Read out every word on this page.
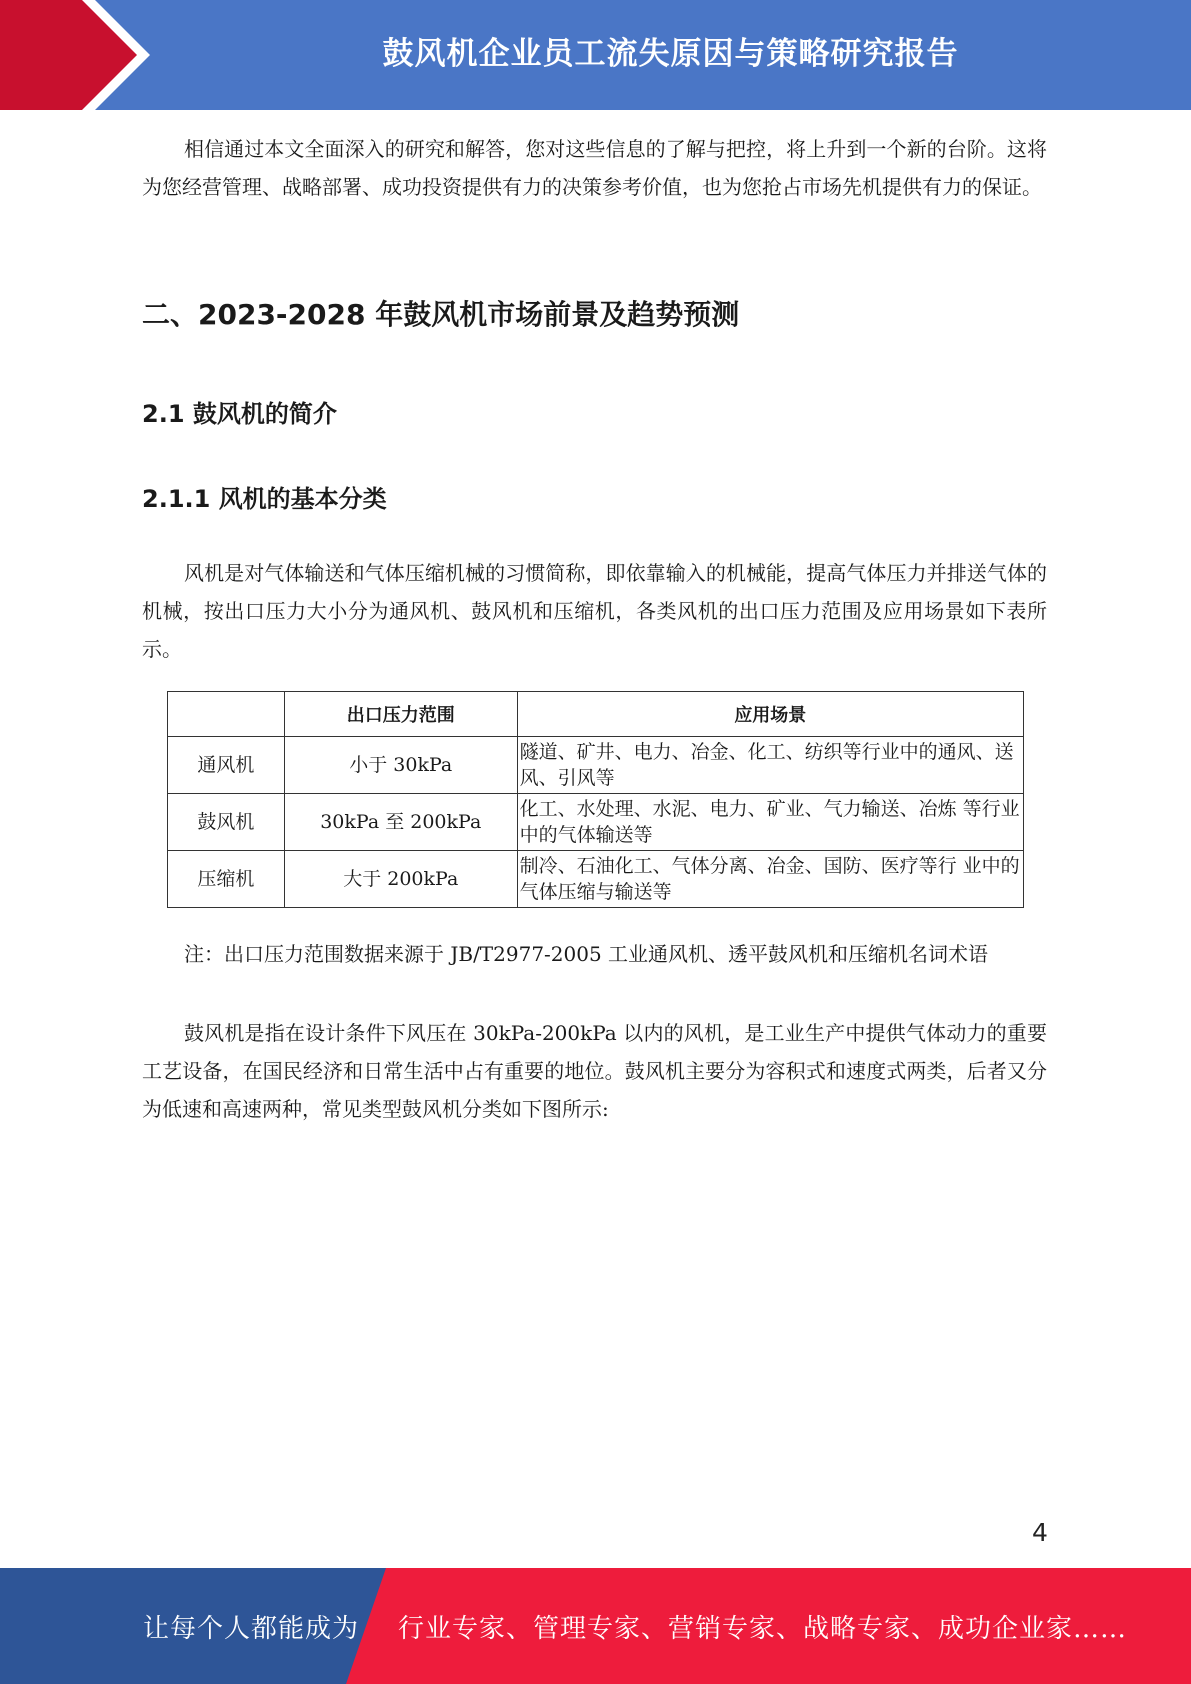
鼓风机企业员工流失原因与策略研究报告

相信通过本文全面深入的研究和解答，您对这些信息的了解与把控，将上升到一个新的台阶。这将为您经营管理、战略部署、成功投资提供有力的决策参考价值，也为您抢占市场先机提供有力的保证。

二、2023-2028 年鼓风机市场前景及趋势预测
2.1 鼓风机的简介
2.1.1 风机的基本分类

风机是对气体输送和气体压缩机械的习惯简称，即依靠输入的机械能，提高气体压力并排送气体的机械，按出口压力大小分为通风机、鼓风机和压缩机，各类风机的出口压力范围及应用场景如下表所示。

	出口压力范围	应用场景
通风机	小于 30kPa	隧道、矿井、电力、冶金、化工、纺织等行业中的通风、送风、引风等
鼓风机	30kPa 至 200kPa	化工、水处理、水泥、电力、矿业、气力输送、冶炼 等行业中的气体输送等
压缩机	大于 200kPa	制冷、石油化工、气体分离、冶金、国防、医疗等行 业中的气体压缩与输送等

注：出口压力范围数据来源于 JB/T2977-2005 工业通风机、透平鼓风机和压缩机名词术语

鼓风机是指在设计条件下风压在 30kPa-200kPa 以内的风机，是工业生产中提供气体动力的重要工艺设备，在国民经济和日常生活中占有重要的地位。鼓风机主要分为容积式和速度式两类，后者又分为低速和高速两种，常见类型鼓风机分类如下图所示:

4
让每个人都能成为 行业专家、管理专家、营销专家、战略专家、成功企业家……
